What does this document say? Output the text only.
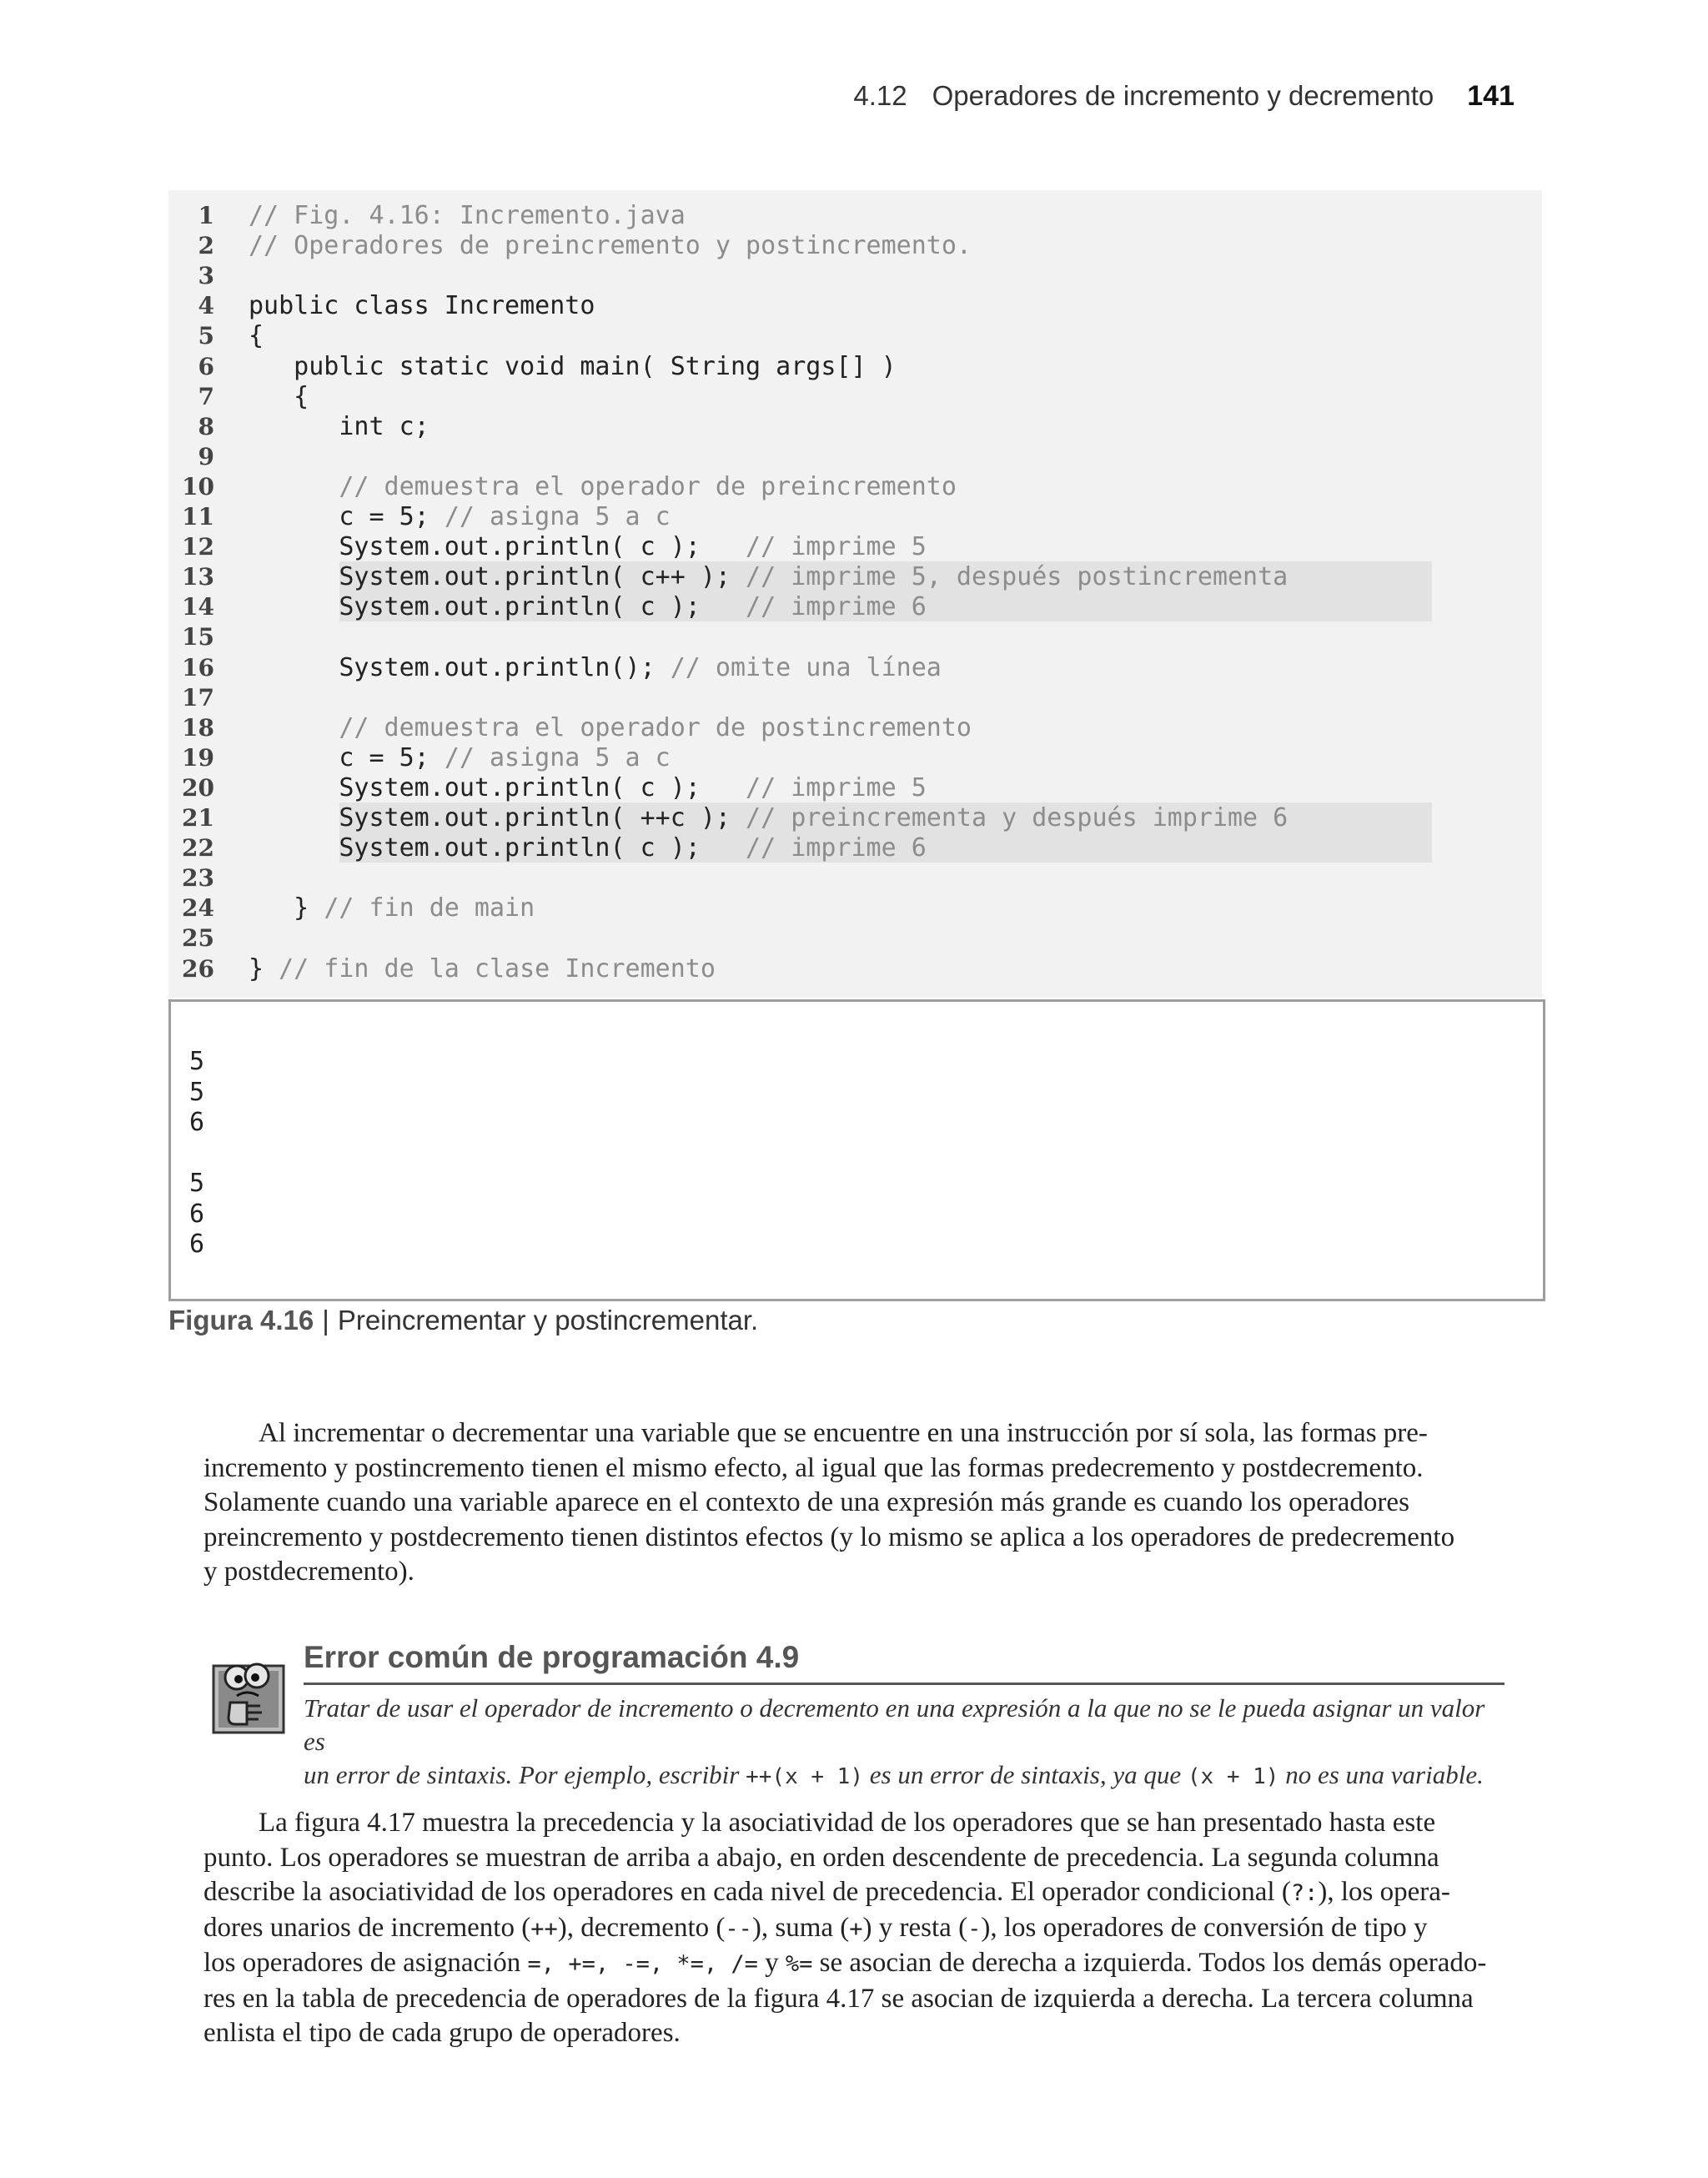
4.12 Operadores de incremento y decremento 141
1 // Fig. 4.16: Incremento.java
2 // Operadores de preincremento y postincremento.
3
4 public class Incremento
5 {
6 public static void main( String args[] )
7 {
8 int c;
9
10	// demuestra el operador de preincremento
11 c = 5; // asigna 5 a c
12 System.out.println( c );   // imprime 5
13 System.out.println( c++ ); // imprime 5, después postincrementa
14 System.out.println( c );   // imprime 6
15
16 System.out.println(); // omite una línea
17
18	// demuestra el operador de postincremento
19 c = 5; // asigna 5 a c
20 System.out.println( c );   // imprime 5
21 System.out.println( ++c ); // preincrementa y después imprime 6
22 System.out.println( c );   // imprime 6
23
24 } // fin de main
25
26 } // fin de la clase Incremento
5
5
6
5
6
6
Figura 4.16 | Preincrementar y postincrementar.
Al incrementar o decrementar una variable que se encuentre en una instrucción por sí sola, las formas pre-
incremento y postincremento tienen el mismo efecto, al igual que las formas predecremento y postdecremento.
Solamente cuando una variable aparece en el contexto de una expresión más grande es cuando los operadores
preincremento y postdecremento tienen distintos efectos (y lo mismo se aplica a los operadores de predecremento
y postdecremento).
Error común de programación 4.9
Tratar de usar el operador de incremento o decremento en una expresión a la que no se le pueda asignar un valor es
un error de sintaxis. Por ejemplo, escribir ++(x + 1) es un error de sintaxis, ya que (x + 1) no es una variable.
La figura 4.17 muestra la precedencia y la asociatividad de los operadores que se han presentado hasta este
punto. Los operadores se muestran de arriba a abajo, en orden descendente de precedencia. La segunda columna
describe la asociatividad de los operadores en cada nivel de precedencia. El operador condicional (?:), los opera-
dores unarios de incremento (++), decremento (--), suma (+) y resta (-), los operadores de conversión de tipo y
los operadores de asignación =, +=, -=, *=, /= y %= se asocian de derecha a izquierda. Todos los demás operado-
res en la tabla de precedencia de operadores de la figura 4.17 se asocian de izquierda a derecha. La tercera columna
enlista el tipo de cada grupo de operadores.
